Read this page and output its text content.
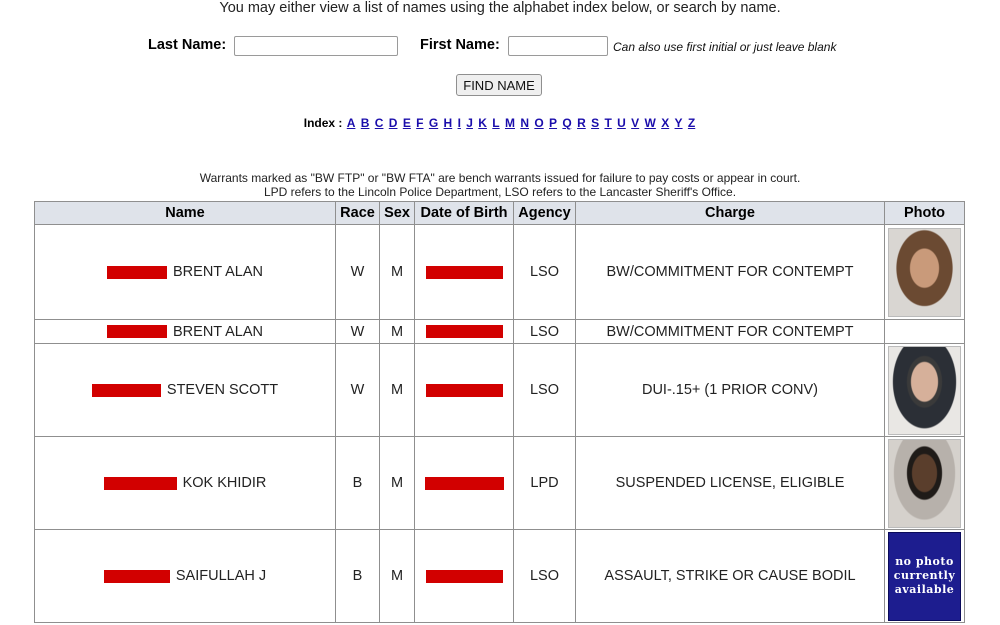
You may either view a list of names using the alphabet index below, or search by name.
Last Name:	First Name:	Can also use first initial or just leave blank
FIND NAME
Index : A B C D E F G H I J K L M N O P Q R S T U V W X Y Z
Warrants marked as "BW FTP" or "BW FTA" are bench warrants issued for failure to pay costs or appear in court.
LPD refers to the Lincoln Police Department, LSO refers to the Lancaster Sheriff's Office.
Name	Race	Sex	Date of Birth	Agency	Charge	Photo
BRENT ALAN	W	M		LSO	BW/COMMITMENT FOR CONTEMPT	

BRENT ALAN	W	M		LSO	BW/COMMITMENT FOR CONTEMPT	
STEVEN SCOTT	W	M		LSO	DUI-.15+ (1 PRIOR CONV)	

KOK KHIDIR	B	M		LPD	SUSPENDED LICENSE, ELIGIBLE	

SAIFULLAH J	B	M		LSO	ASSAULT, STRIKE OR CAUSE BODIL	no photo
currently
available
